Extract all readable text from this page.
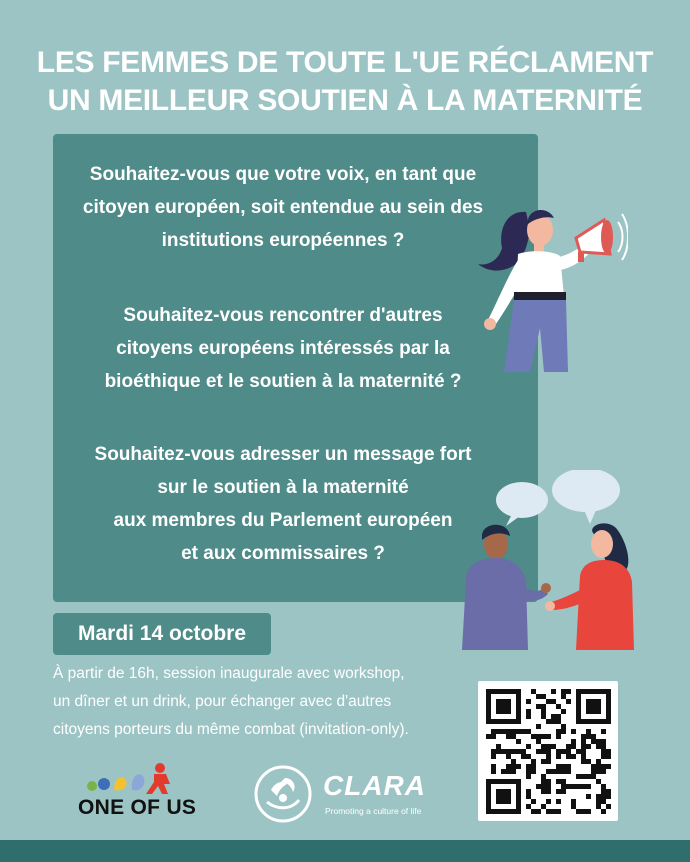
LES FEMMES DE TOUTE L'UE RÉCLAMENT
UN MEILLEUR SOUTIEN À LA MATERNITÉ
Souhaitez-vous que votre voix, en tant que
citoyen européen, soit entendue au sein des
institutions européennes ?
Souhaitez-vous rencontrer d'autres
citoyens européens intéressés par la
bioéthique et le soutien à la maternité ?
Souhaitez-vous adresser un message fort
sur le soutien à la maternité
aux membres du Parlement européen
et aux commissaires ?
Mardi 14 octobre
À partir de 16h, session inaugurale avec workshop,
un dîner et un drink, pour échanger avec d'autres
citoyens porteurs du même combat (invitation-only).
ONE OF US
CLARA
Promoting a culture of life
